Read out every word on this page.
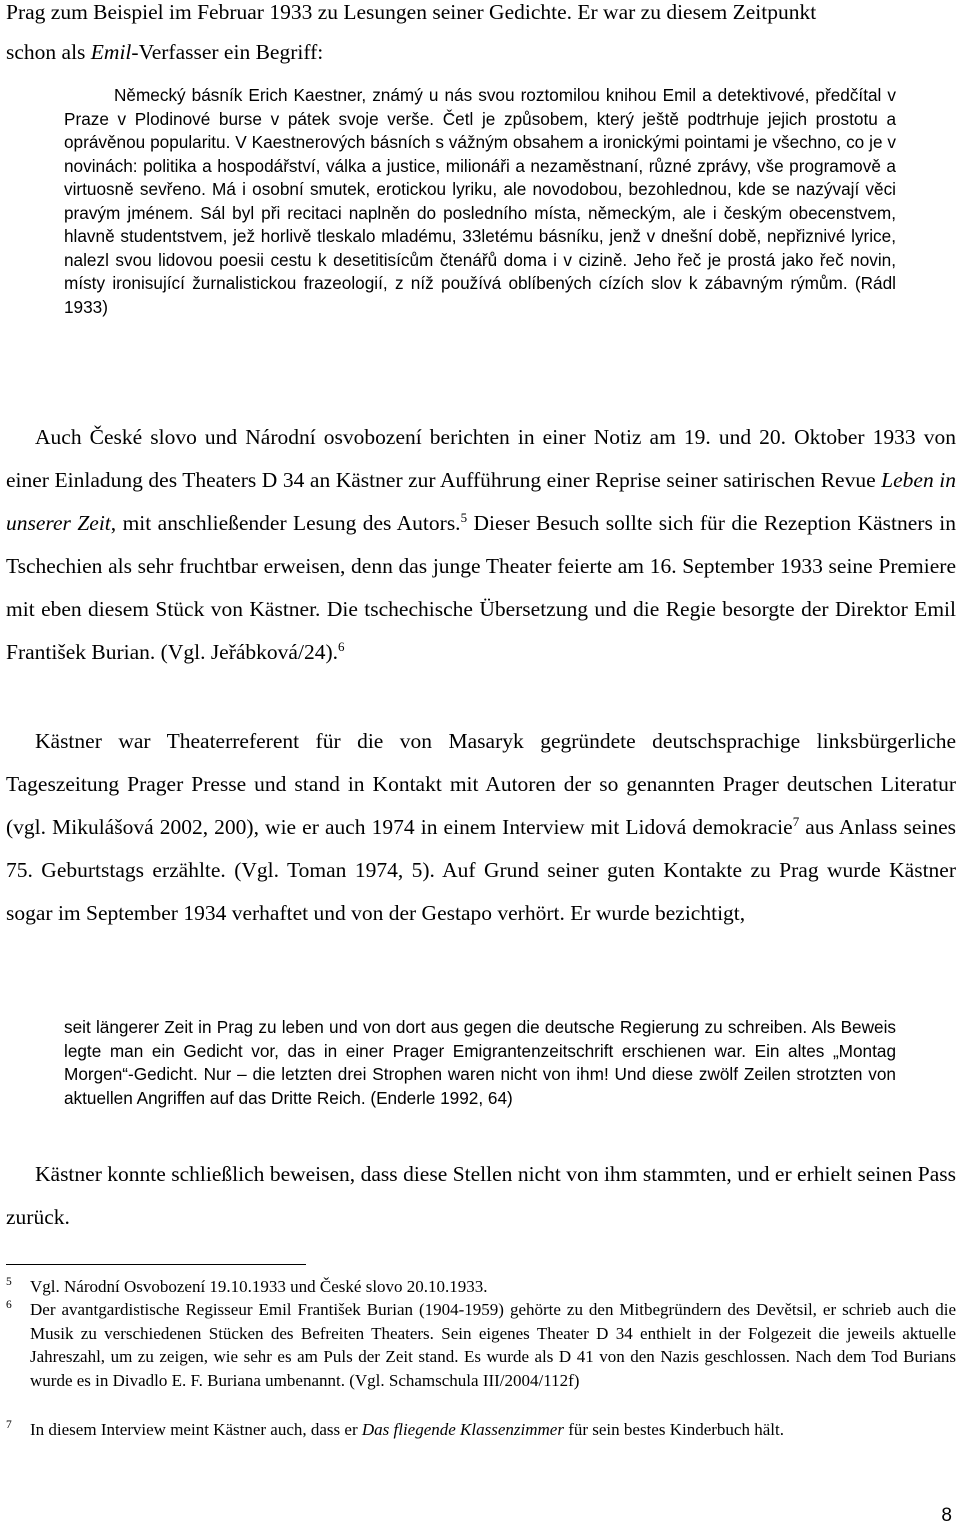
Prag zum Beispiel im Februar 1933 zu Lesungen seiner Gedichte. Er war zu diesem Zeitpunkt
schon als Emil-Verfasser ein Begriff:

Německý básník Erich Kaestner, známý u nás svou roztomilou knihou Emil a detektivové, předčítal v Praze v Plodinové burse v pátek svoje verše. Četl je způsobem, který ještě podtrhuje jejich prostotu a oprávěnou popularitu. V Kaestnerových básních s vážným obsahem a ironickými pointami je všechno, co je v novinách: politika a hospodářství, válka a justice, milionáři a nezaměstnaní, různé zprávy, vše programově a virtuosně sevřeno. Má i osobní smutek, erotickou lyriku, ale novodobou, bezohlednou, kde se nazývají věci pravým jménem. Sál byl při recitaci naplněn do posledního místa, německým, ale i českým obecenstvem, hlavně studentstvem, jež horlivě tleskalo mladému, 33letému básníku, jenž v dnešní době, nepřiznivé lyrice, nalezl svou lidovou poesii cestu k desetitisícům čtenářů doma i v cizině. Jeho řeč je prostá jako řeč novin, místy ironisující žurnalistickou frazeologií, z níž používá oblíbených cízích slov k zábavným rýmům. (Rádl 1933)

Auch České slovo und Národní osvobození berichten in einer Notiz am 19. und 20. Oktober 1933 von einer Einladung des Theaters D 34 an Kästner zur Aufführung einer Reprise seiner satirischen Revue Leben in unserer Zeit, mit anschließender Lesung des Autors.$^5$ Dieser Besuch sollte sich für die Rezeption Kästners in Tschechien als sehr fruchtbar erweisen, denn das junge Theater feierte am 16. September 1933 seine Premiere mit eben diesem Stück von Kästner. Die tschechische Übersetzung und die Regie besorgte der Direktor Emil František Burian. (Vgl. Jeřábková/24).$^6$

Kästner war Theaterreferent für die von Masaryk gegründete deutschsprachige linksbürgerliche Tageszeitung Prager Presse und stand in Kontakt mit Autoren der so genannten Prager deutschen Literatur (vgl. Mikulášová 2002, 200), wie er auch 1974 in einem Interview mit Lidová demokracie$^7$ aus Anlass seines 75. Geburtstags erzählte. (Vgl. Toman 1974, 5). Auf Grund seiner guten Kontakte zu Prag wurde Kästner sogar im September 1934 verhaftet und von der Gestapo verhört. Er wurde bezichtigt,

seit längerer Zeit in Prag zu leben und von dort aus gegen die deutsche Regierung zu schreiben. Als Beweis legte man ein Gedicht vor, das in einer Prager Emigrantenzeitschrift erschienen war. Ein altes „Montag Morgen“-Gedicht. Nur – die letzten drei Strophen waren nicht von ihm! Und diese zwölf Zeilen strotzten von aktuellen Angriffen auf das Dritte Reich. (Enderle 1992, 64)

Kästner konnte schließlich beweisen, dass diese Stellen nicht von ihm stammten, und er erhielt seinen Pass zurück.

5 Vgl. Národní Osvobození 19.10.1933 und České slovo 20.10.1933.
6 Der avantgardistische Regisseur Emil František Burian (1904-1959) gehörte zu den Mitbegründern des Devětsil, er schrieb auch die Musik zu verschiedenen Stücken des Befreiten Theaters. Sein eigenes Theater D 34 enthielt in der Folgezeit die jeweils aktuelle Jahreszahl, um zu zeigen, wie sehr es am Puls der Zeit stand. Es wurde als D 41 von den Nazis geschlossen. Nach dem Tod Burians wurde es in Divadlo E. F. Buriana umbenannt. (Vgl. Schamschula III/2004/112f)
7 In diesem Interview meint Kästner auch, dass er Das fliegende Klassenzimmer für sein bestes Kinderbuch hält.
8
